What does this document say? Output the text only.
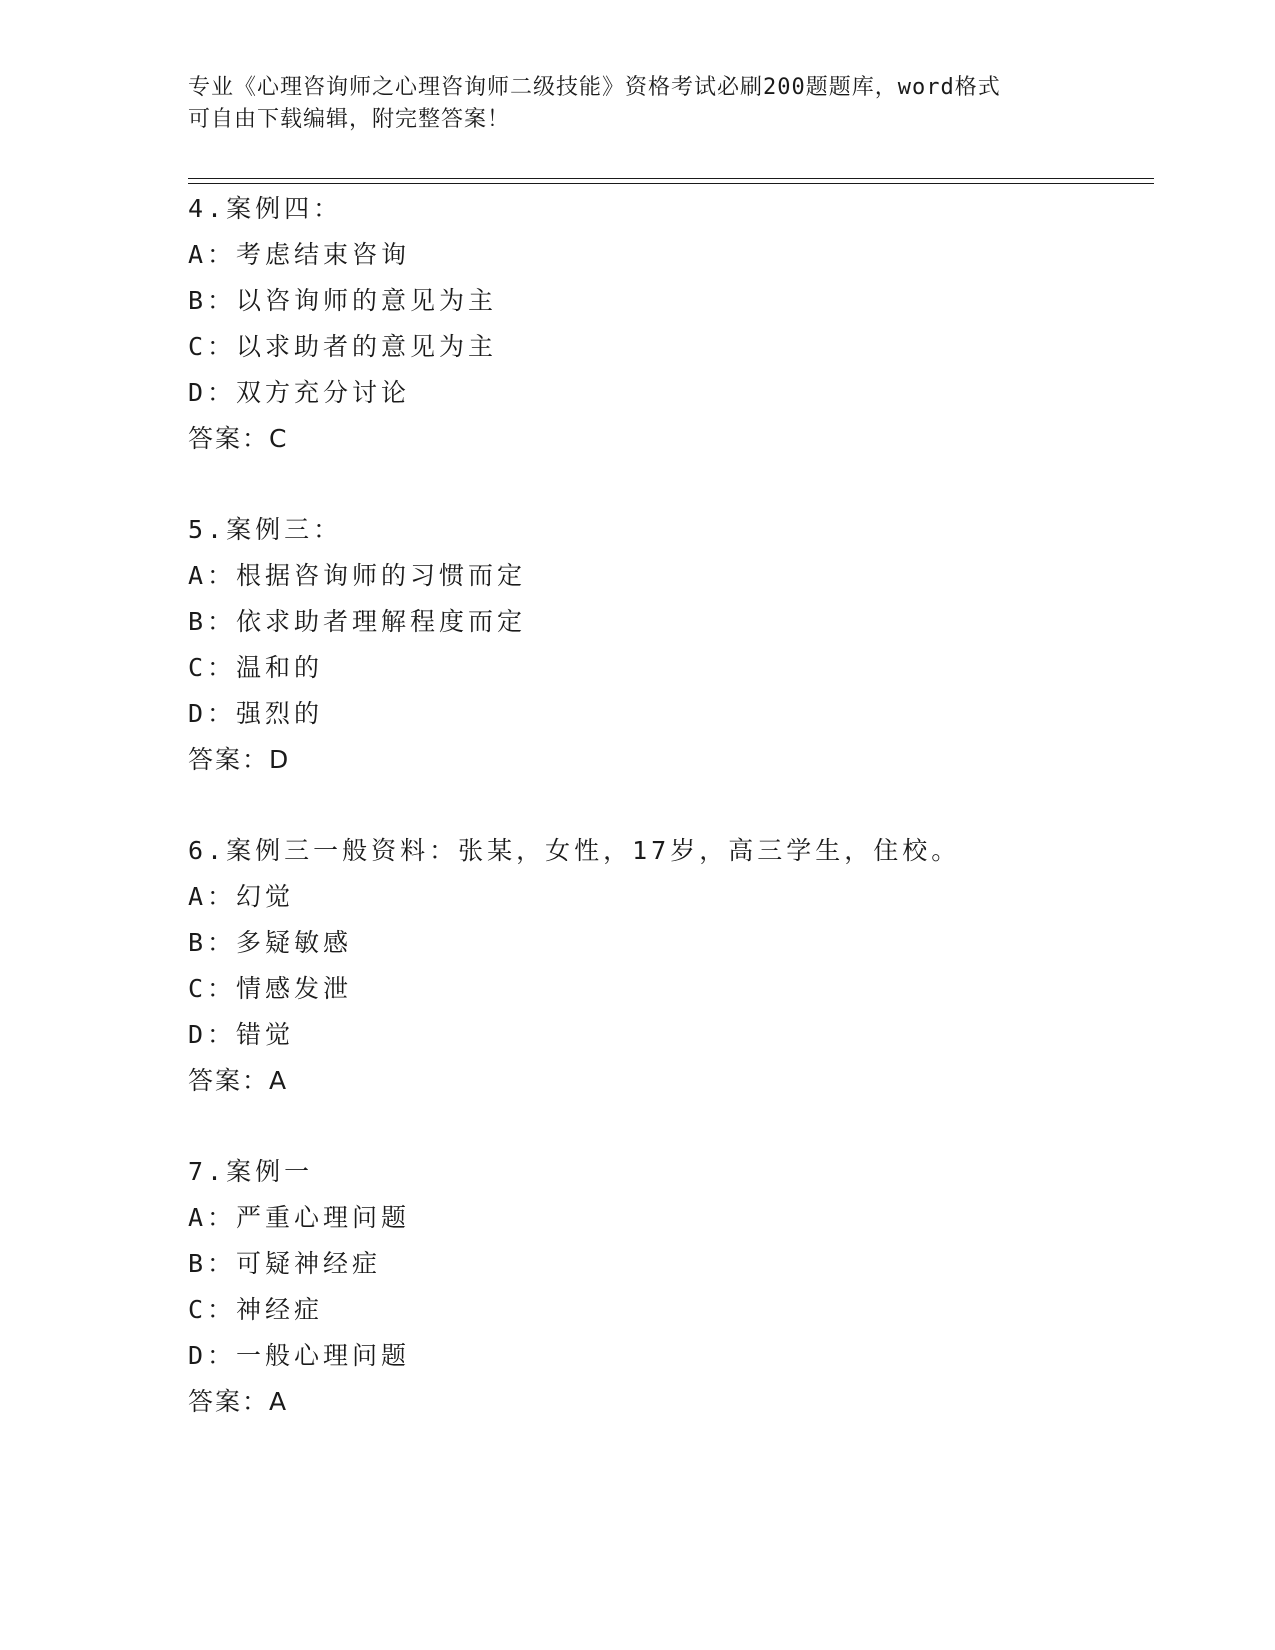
专业《心理咨询师之心理咨询师二级技能》资格考试必刷200题题库，word格式
可自由下载编辑，附完整答案！
4.案例四：
A：考虑结束咨询
B：以咨询师的意见为主
C：以求助者的意见为主
D：双方充分讨论
答案：C
5.案例三：
A：根据咨询师的习惯而定
B：依求助者理解程度而定
C：温和的
D：强烈的
答案：D
6.案例三一般资料：张某，女性，17岁，高三学生，住校。
A：幻觉
B：多疑敏感
C：情感发泄
D：错觉
答案：A
7.案例一
A：严重心理问题
B：可疑神经症
C：神经症
D：一般心理问题
答案：A
